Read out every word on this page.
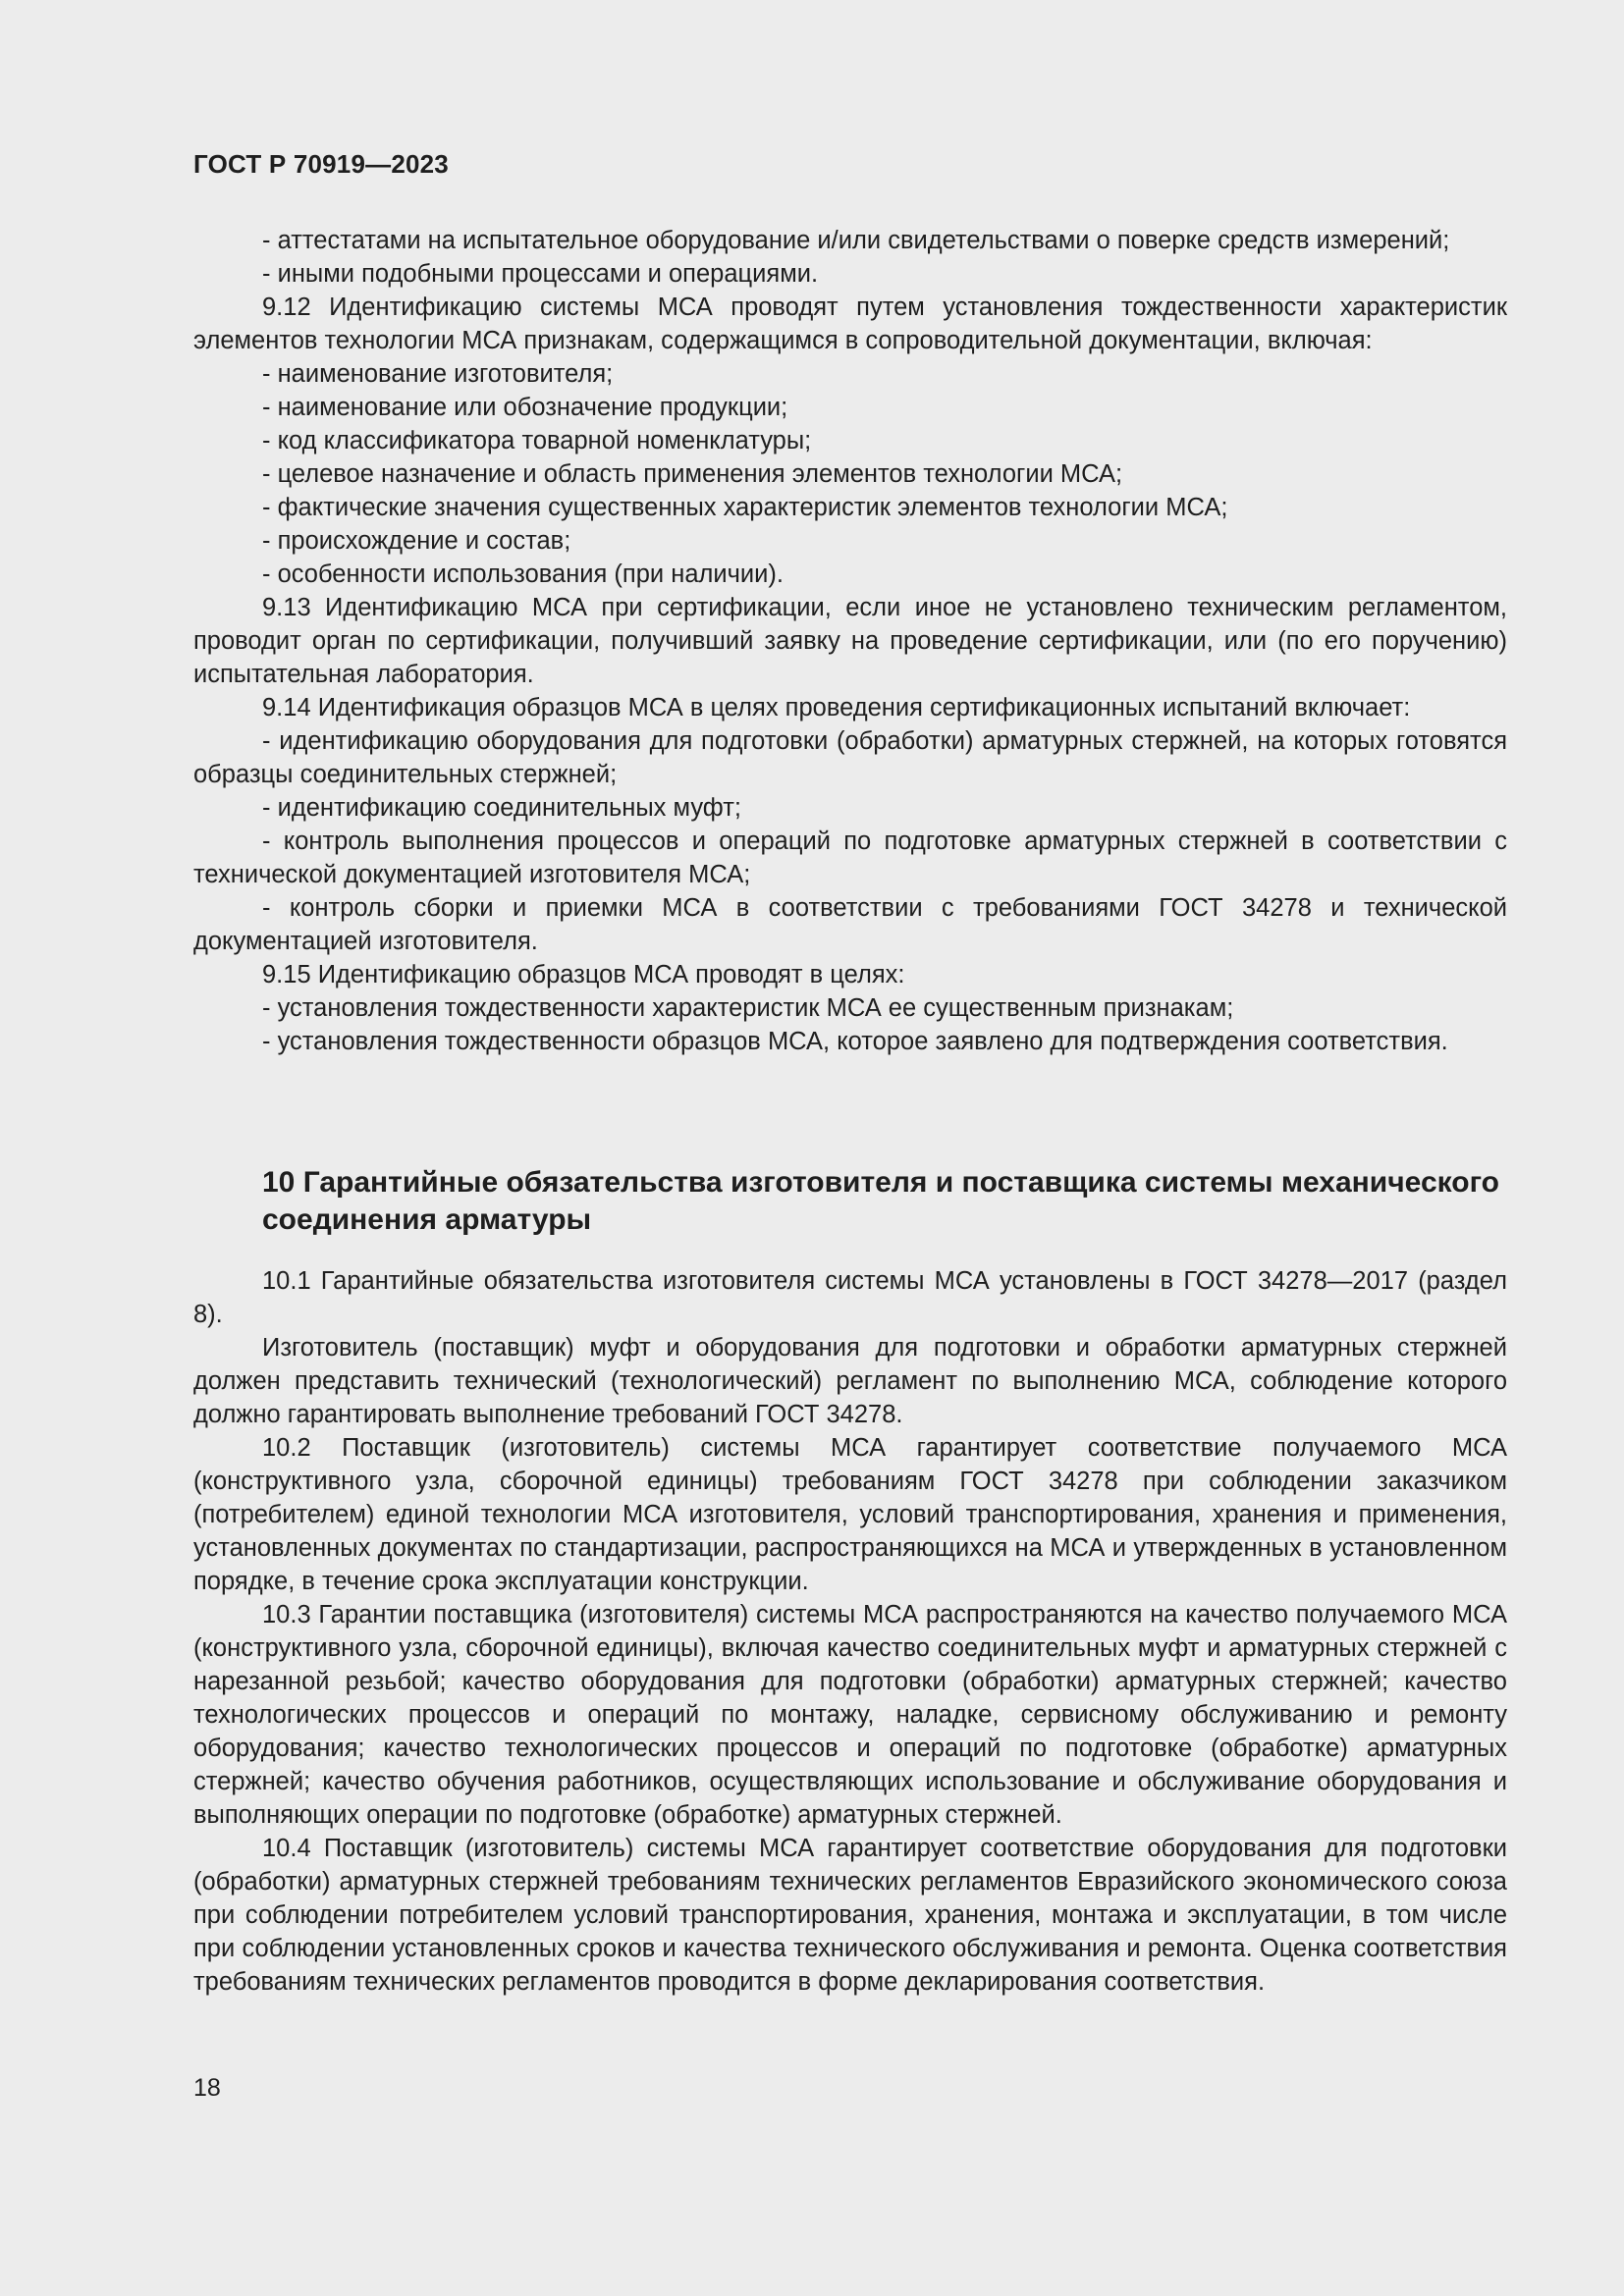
ГОСТ Р 70919—2023

- аттестатами на испытательное оборудование и/или свидетельствами о поверке средств измерений;

- иными подобными процессами и операциями.

9.12 Идентификацию системы МСА проводят путем установления тождественности характеристик элементов технологии МСА признакам, содержащимся в сопроводительной документации, включая:

- наименование изготовителя;

- наименование или обозначение продукции;

- код классификатора товарной номенклатуры;

- целевое назначение и область применения элементов технологии МСА;

- фактические значения существенных характеристик элементов технологии МСА;

- происхождение и состав;

- особенности использования (при наличии).

9.13 Идентификацию МСА при сертификации, если иное не установлено техническим регламентом, проводит орган по сертификации, получивший заявку на проведение сертификации, или (по его поручению) испытательная лаборатория.

9.14 Идентификация образцов МСА в целях проведения сертификационных испытаний включает:

- идентификацию оборудования для подготовки (обработки) арматурных стержней, на которых готовятся образцы соединительных стержней;

- идентификацию соединительных муфт;

- контроль выполнения процессов и операций по подготовке арматурных стержней в соответствии с технической документацией изготовителя МСА;

- контроль сборки и приемки МСА в соответствии с требованиями ГОСТ 34278 и технической документацией изготовителя.

9.15 Идентификацию образцов МСА проводят в целях:

- установления тождественности характеристик МСА ее существенным признакам;

- установления тождественности образцов МСА, которое заявлено для подтверждения соответствия.

10 Гарантийные обязательства изготовителя и поставщика системы механического соединения арматуры

10.1 Гарантийные обязательства изготовителя системы МСА установлены в ГОСТ 34278—2017 (раздел 8).

Изготовитель (поставщик) муфт и оборудования для подготовки и обработки арматурных стержней должен представить технический (технологический) регламент по выполнению МСА, соблюдение которого должно гарантировать выполнение требований ГОСТ 34278.

10.2 Поставщик (изготовитель) системы МСА гарантирует соответствие получаемого МСА (конструктивного узла, сборочной единицы) требованиям ГОСТ 34278 при соблюдении заказчиком (потребителем) единой технологии МСА изготовителя, условий транспортирования, хранения и применения, установленных документах по стандартизации, распространяющихся на МСА и утвержденных в установленном порядке, в течение срока эксплуатации конструкции.

10.3 Гарантии поставщика (изготовителя) системы МСА распространяются на качество получаемого МСА (конструктивного узла, сборочной единицы), включая качество соединительных муфт и арматурных стержней с нарезанной резьбой; качество оборудования для подготовки (обработки) арматурных стержней; качество технологических процессов и операций по монтажу, наладке, сервисному обслуживанию и ремонту оборудования; качество технологических процессов и операций по подготовке (обработке) арматурных стержней; качество обучения работников, осуществляющих использование и обслуживание оборудования и выполняющих операции по подготовке (обработке) арматурных стержней.

10.4 Поставщик (изготовитель) системы МСА гарантирует соответствие оборудования для подготовки (обработки) арматурных стержней требованиям технических регламентов Евразийского экономического союза при соблюдении потребителем условий транспортирования, хранения, монтажа и эксплуатации, в том числе при соблюдении установленных сроков и качества технического обслуживания и ремонта. Оценка соответствия требованиям технических регламентов проводится в форме декларирования соответствия.

18
